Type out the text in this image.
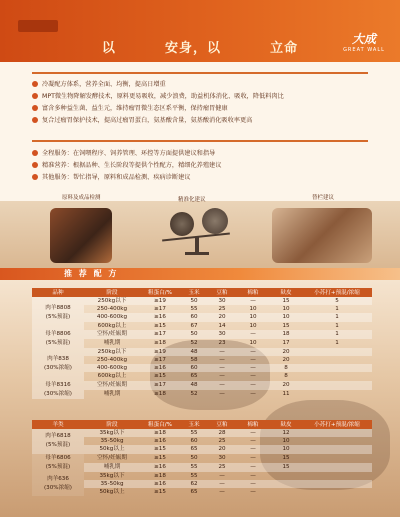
以	安身，以	立命
大成
GREAT WALL
冷凝配方体系，营养全面、均衡，提高日增重
MPT微生物降解发酵技术，原料更易吸收，减少浪费，助益机体消化、吸收，降低料肉比
富含多种益生菌、益生元，维持瘤胃微生态区系平衡，保持瘤胃健康
复合过瘤胃保护技术，提高过瘤胃蛋白，氨基酸含量，氨基酸消化吸收率更高
全程服务：在饲喂程序、饲养管理、环控等方面提供建议和指导
精准营养：根据品种、生长阶段等提供个性配方，精细化养殖建议
其他服务：帮忙指导，原料和成品检测、疾病诊断建议
原料及成品检测	精准化建议	替栏建议
推 荐 配 方
品种	阶段	粗蛋白/%	玉米	豆粕	棉粕	麸皮	小苏打+预混/浓缩	

肉羊8808
(5%预混)	250kg以下	≥19	50	30	—	15	5	
	250-400kg	≥17	55	25	10	10	1	
	400-600kg	≥16	60	20	10	10	1	
	600kg以上	≥15	67	14	10	15	1	

母羊8806
(5%预混)	空怀/妊娠期	≥17	50	30	—	18	1	
	哺乳期	≥18	52	23	10	17	1	

肉羊838
(30%浓缩)	250kg以下	≥19	48	—	—	20		
	250-400kg	≥17	58	—	—	20		
	400-600kg	≥16	60	—	—	8		
	600kg以上	≥15	65	—	—	8		

母羊8316
(30%浓缩)	空怀/妊娠期	≥17	48	—	—	20		
	哺乳期	≥18	52	—	—	11		
羊类	阶段	粗蛋白/%	玉米	豆粕	棉粕	麸皮	小苏打+预混/浓缩	

肉羊6818
(5%预混)	35kg以下	≥18	55	28	—	12		
	35-50kg	≥16	60	25	—	10		
	50kg以上	≥15	65	20	—	10		

母羊6806
(5%预混)	空怀/妊娠期	≥15	50	30	—	15		
	哺乳期	≥16	55	25	—	15		

肉羊636
(30%浓缩)	35kg以下	≥18	55	—	—			
	35-50kg	≥16	62	—	—			
	50kg以上	≥15	65	—	—			
